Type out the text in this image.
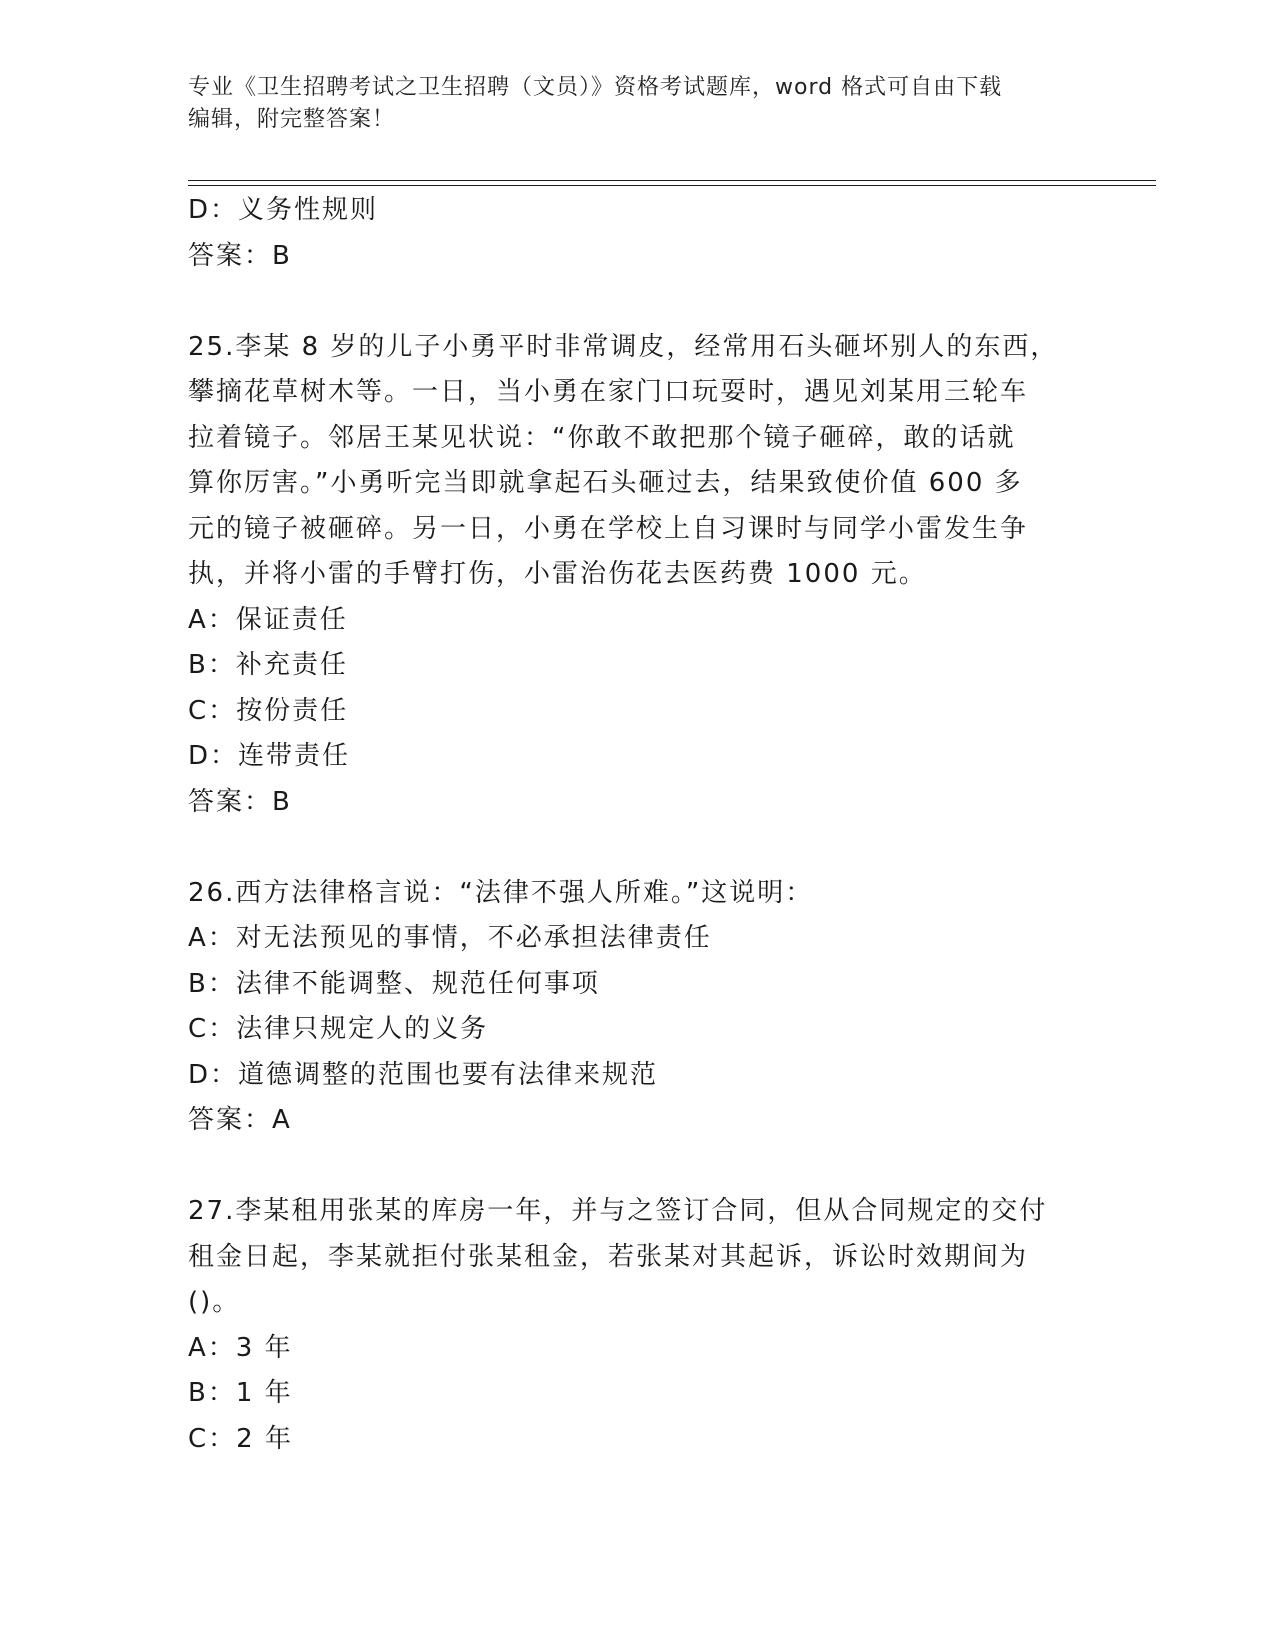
专业《卫生招聘考试之卫生招聘（文员）》资格考试题库，word 格式可自由下载
编辑，附完整答案！
D：义务性规则
答案：B
25.李某 8 岁的儿子小勇平时非常调皮，经常用石头砸坏别人的东西，
攀摘花草树木等。一日，当小勇在家门口玩耍时，遇见刘某用三轮车
拉着镜子。邻居王某见状说：“你敢不敢把那个镜子砸碎，敢的话就
算你厉害。”小勇听完当即就拿起石头砸过去，结果致使价值 600 多
元的镜子被砸碎。另一日，小勇在学校上自习课时与同学小雷发生争
执，并将小雷的手臂打伤，小雷治伤花去医药费 1000 元。
A：保证责任
B：补充责任
C：按份责任
D：连带责任
答案：B
26.西方法律格言说：“法律不强人所难。”这说明：
A：对无法预见的事情，不必承担法律责任
B：法律不能调整、规范任何事项
C：法律只规定人的义务
D：道德调整的范围也要有法律来规范
答案：A
27.李某租用张某的库房一年，并与之签订合同，但从合同规定的交付
租金日起，李某就拒付张某租金，若张某对其起诉，诉讼时效期间为
()。
A：3 年
B：1 年
C：2 年
